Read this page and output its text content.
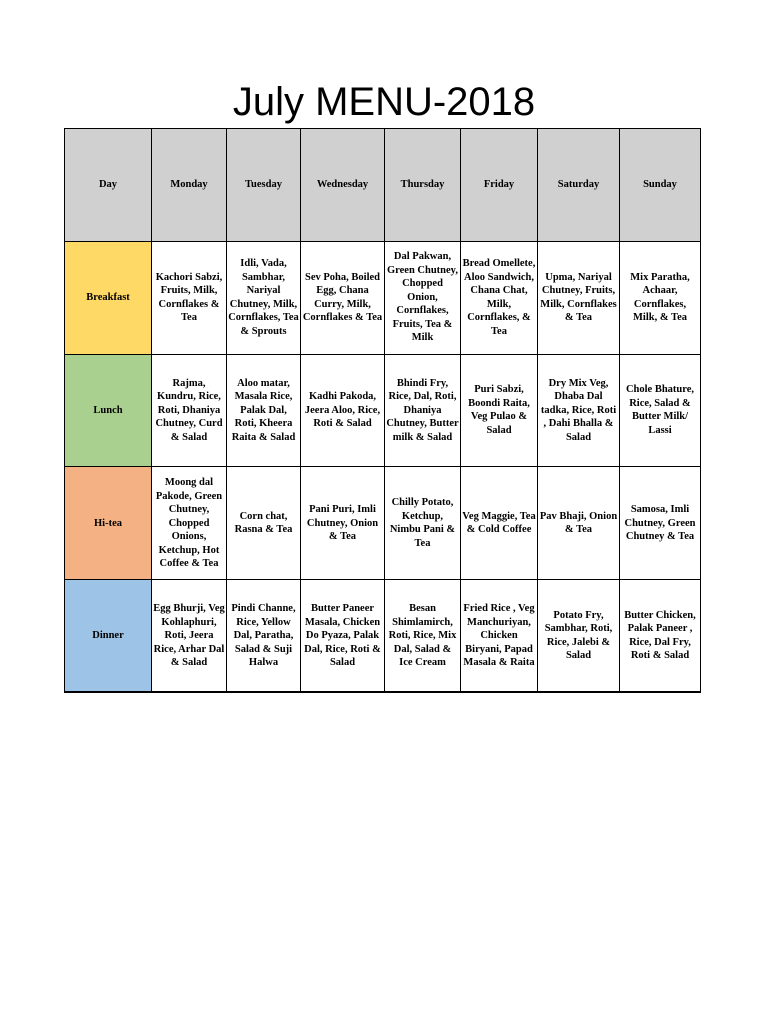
July MENU-2018
Day	Monday	Tuesday	Wednesday	Thursday	Friday	Saturday	Sunday
Breakfast	Kachori Sabzi, Fruits, Milk, Cornflakes & Tea	Idli, Vada, Sambhar, Nariyal Chutney, Milk, Cornflakes, Tea & Sprouts	Sev Poha, Boiled Egg, Chana Curry, Milk, Cornflakes & Tea	Dal Pakwan, Green Chutney, Chopped Onion, Cornflakes, Fruits, Tea & Milk	Bread Omellete, Aloo Sandwich, Chana Chat, Milk, Cornflakes, & Tea	Upma, Nariyal Chutney, Fruits, Milk, Cornflakes & Tea	Mix Paratha, Achaar, Cornflakes, Milk, & Tea
Lunch	Rajma, Kundru, Rice, Roti, Dhaniya Chutney, Curd & Salad	Aloo matar, Masala Rice, Palak Dal, Roti, Kheera Raita & Salad	Kadhi Pakoda, Jeera Aloo, Rice, Roti & Salad	Bhindi Fry, Rice, Dal, Roti, Dhaniya Chutney, Butter milk & Salad	Puri Sabzi, Boondi Raita, Veg Pulao & Salad	Dry Mix Veg, Dhaba Dal tadka, Rice, Roti , Dahi Bhalla & Salad	Chole Bhature, Rice, Salad & Butter Milk/ Lassi
Hi-tea	Moong dal Pakode, Green Chutney, Chopped Onions, Ketchup, Hot Coffee & Tea	Corn chat, Rasna & Tea	Pani Puri, Imli Chutney, Onion & Tea	Chilly Potato, Ketchup, Nimbu Pani & Tea	Veg Maggie, Tea & Cold Coffee	Pav Bhaji, Onion & Tea	Samosa, Imli Chutney, Green Chutney & Tea
Dinner	Egg Bhurji, Veg Kohlaphuri, Roti, Jeera Rice, Arhar Dal & Salad	Pindi Channe, Rice, Yellow Dal, Paratha, Salad & Suji Halwa	Butter Paneer Masala, Chicken Do Pyaza, Palak Dal, Rice, Roti & Salad	Besan Shimlamirch, Roti, Rice, Mix Dal, Salad & Ice Cream	Fried Rice , Veg Manchuriyan, Chicken Biryani, Papad Masala & Raita	Potato Fry, Sambhar, Roti, Rice, Jalebi & Salad	Butter Chicken, Palak Paneer , Rice, Dal Fry, Roti & Salad
